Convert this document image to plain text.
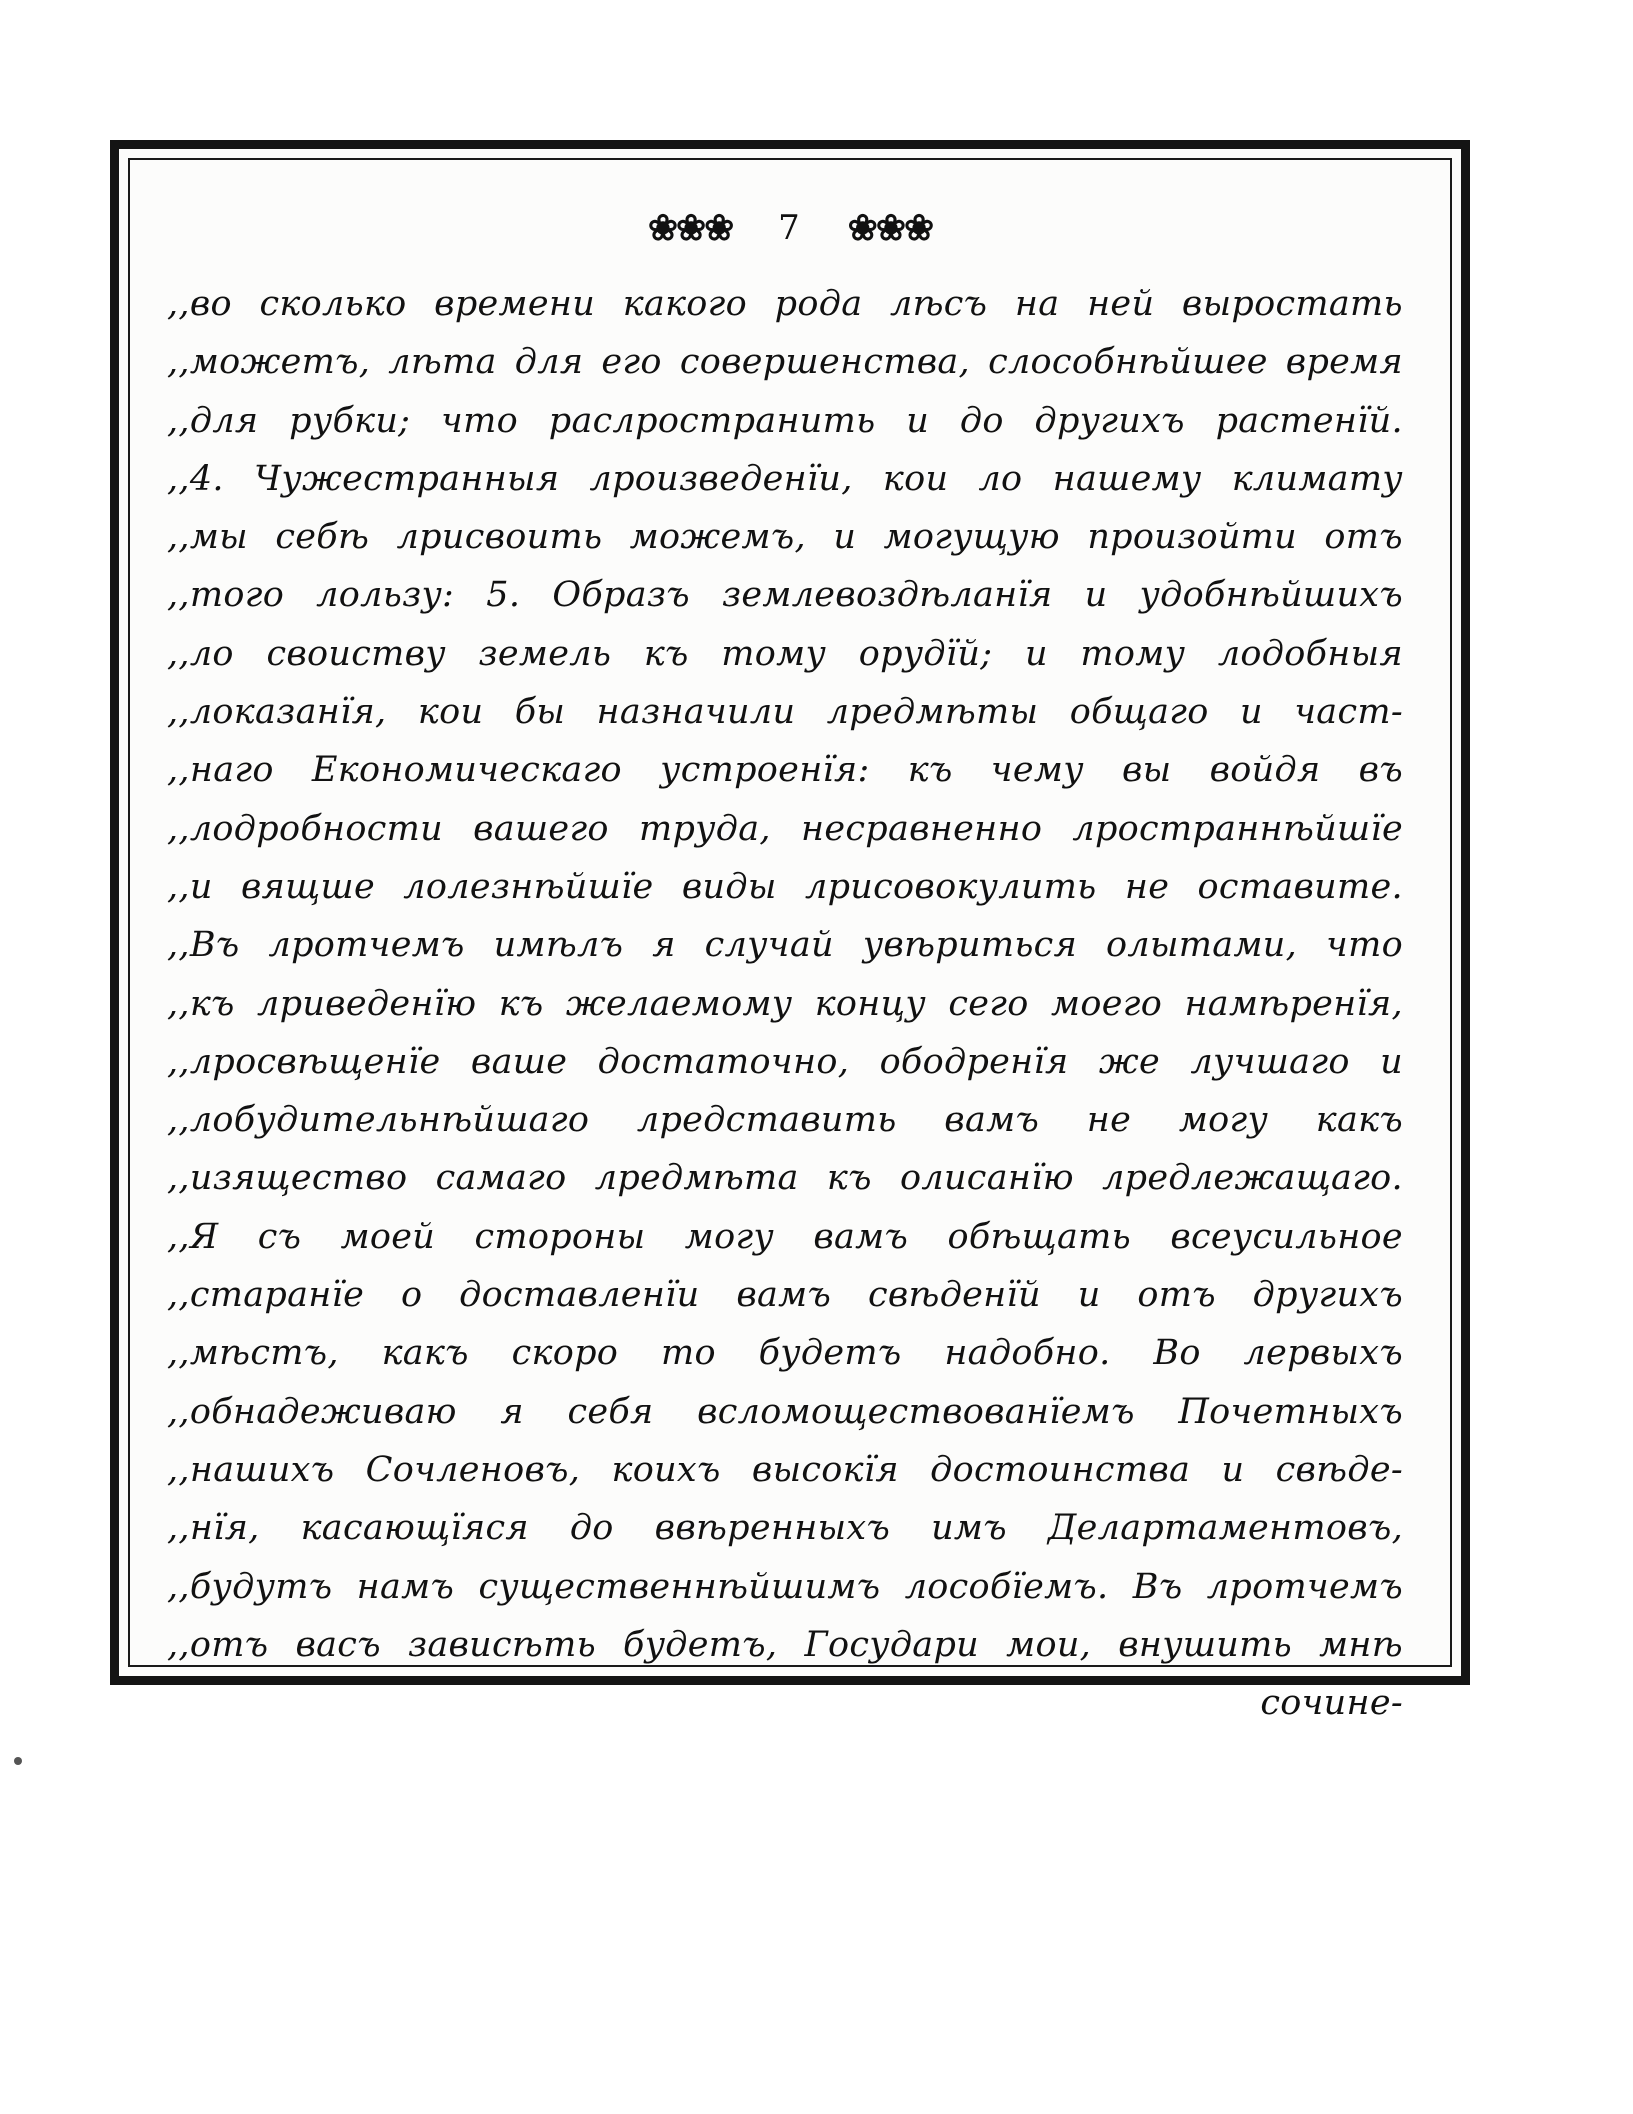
❀❀❀ 7 ❀❀❀
,,во сколько времени какого рода лѣсъ на ней выростать
,,можетъ, лѣта для его совершенства, слособнѣйшее время
,,для рубки; что раслространить и до другихъ растенїй.
,,4. Чужестранныя лроизведенїи, кои ло нашему климату
,,мы себѣ лрисвоить можемъ, и могущую произойти отъ
,,того лользу: 5. Образъ землевоздѣланїя и удобнѣйшихъ
,,ло своиству земель къ тому орудїй; и тому лодобныя
,,локазанїя, кои бы назначили лредмѣты общаго и част-
,,наго Економическаго устроенїя: къ чему вы войдя въ
,,лодробности вашего труда, несравненно лространнѣйшїе
,,и вящше лолезнѣйшїе виды лрисовокулить не оставите.
,,Въ лротчемъ имѣлъ я случай увѣриться олытами, что
,,къ лриведенїю къ желаемому концу сего моего намѣренїя,
,,лросвѣщенїе ваше достаточно, ободренїя же лучшаго и
,,лобудительнѣйшаго лредставить вамъ не могу какъ
,,изящество самаго лредмѣта къ олисанїю лредлежащаго.
,,Я съ моей стороны могу вамъ обѣщать всеусильное
,,старанїе о доставленїи вамъ свѣденїй и отъ другихъ
,,мѣстъ, какъ скоро то будетъ надобно. Во лервыхъ
,,обнадеживаю я себя всломоществованїемъ Почетныхъ
,,нашихъ Сочленовъ, коихъ высокїя достоинства и свѣде-
,,нїя, касающїяся до ввѣренныхъ имъ Делартаментовъ,
,,будутъ намъ существеннѣйшимъ лособїемъ. Въ лротчемъ
,,отъ васъ зависѣть будетъ, Государи мои, внушить мнѣ
сочине-
